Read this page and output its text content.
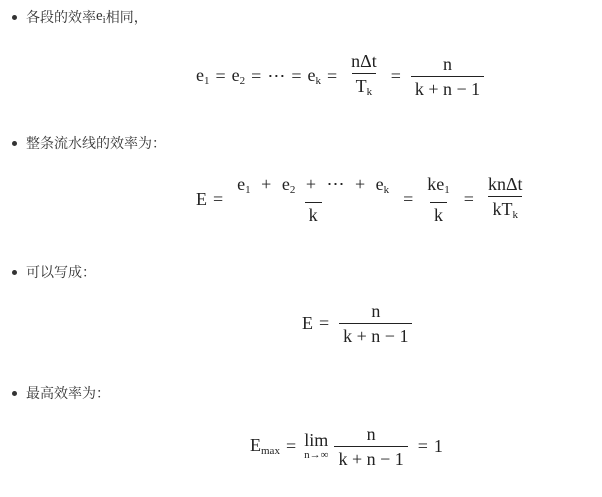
各段的效率 $e_i$ 相同，
$e_1 = e_2$ = ⋯ = $e_k = \frac{\text{nΔt}}{T_k} = \frac{n}{k + n - 1}$
整条流水线的效率为：
$E = \frac{e_1 + e_2 + \cdots + e_k}{k} = \frac{ke_1}{k} = \frac{\text{knΔt}}{kT_k}$
可以写成：
$E = \frac{n}{k + n - 1}$
最高效率为：
$E_{max} = \lim$
$n\to\infty \frac{n}{k + n - 1} = 1$
